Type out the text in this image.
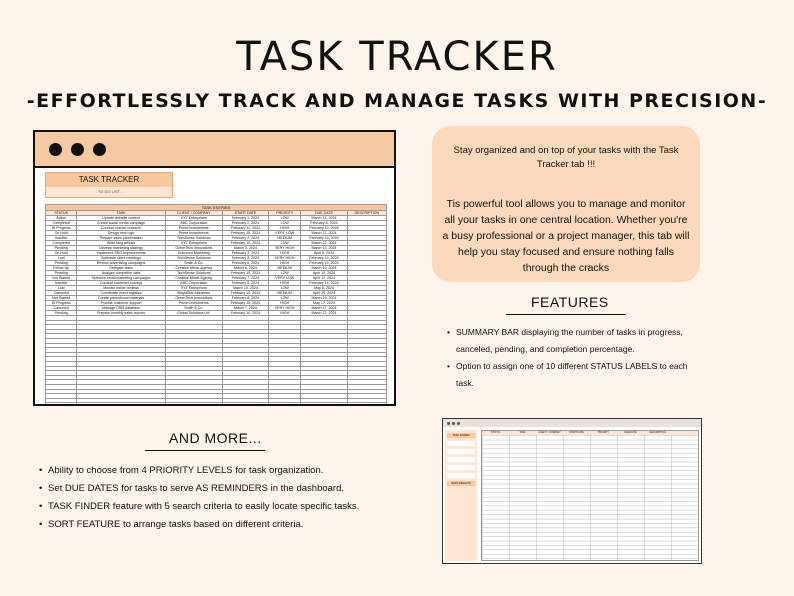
TASK TRACKER
-EFFORTLESSLY TRACK AND MANAGE TASKS WITH PRECISION-
TASK TRACKER
- TO DO LIST -
TASK ENTRIES						
STATUS	TASK	CLIENT / COMPANY	START DATE	PRIORITY	DUE DATE	DESCRIPTION
Active	Update website content	XYZ Enterprises	February 1, 2024	LOW	March 13, 2024	
Completed	Create social media campaign	ABC Corporation	February 2, 2024	LOW	February 8, 2024	
IN Progress	Conduct market research	Prime Investments	February 11, 2024	HIGH	February 13, 2024	
On Hold	Design new logo	Prime Investments	February 15, 2024	VERY LOW	March 12, 2024	
Inactive	Prepare sales presentation	TechSense Solutions	February 2, 2024	MEDIUM	February 16, 2024	
Completed	Write blog articles	XYZ Enterprises	February 10, 2024	LOW	March 22, 2024	
Pending	Develop marketing strategy	GreenTech Innovations	March 3, 2024	VERY HIGH	March 13, 2024	
On Hold	Implement SEO improvements	Unknown Marketing	February 3, 2024	HIGH	April 8, 2024	
Lost	Schedule client meetings	TechSense Solutions	February 3, 2024	VERY HIGH	February 14, 2024	
Pending	Review advertising campaigns	Smith & Co.	February 6, 2024	HIGH	February 14, 2024	
Follow-Up	Delegate tasks	Creative Minds Agency	March 8, 2024	MEDIUM	March 19, 2024	
Pending	Analyze competitor data	TechSense Solutions	February 10, 2024	LOW	April 10, 2024	
Not Started	Optimize email marketing campaigns	Creative Minds Agency	February 7, 2024	VERY LOW	April 17, 2024	
Inactive	Conduct customer surveys	ABC Corporation	February 8, 2024	HIGH	February 14, 2024	
Lost	Monitor online reviews	XYZ Enterprises	March 15, 2024	LOW	May 6, 2024	
Canceled	Coordinate event logistics	BrightStar Industries	February 10, 2024	MEDIUM	April 19, 2024	
Not Started	Create promotional materials	GreenTech Innovations	February 8, 2024	LOW	March 15, 2024	
IN Progress	Provide customer support	Prime Investments	February 10, 2024	HIGH	May 17, 2024	
Canceled	Manage CRM database	Smith & Co.	March 7, 2024	VERY HIGH	March 17, 2024	
Pending	Prepare monthly sales reports	Global Solutions Ltd.	February 14, 2024	HIGH	March 12, 2024	

Stay organized and on top of your tasks with the Task Tracker tab !!!

Tis powerful tool allows you to manage and monitor all your tasks in one central location. Whether you're a busy professional or a project manager, this tab will help you stay focused and ensure nothing falls through the cracks

FEATURES
• SUMMARY BAR displaying the number of tasks in progress, canceled, pending, and completion percentage.
• Option to assign one of 10 different STATUS LABELS to each task.
AND MORE...
• Ability to choose from 4 PRIORITY LEVELS for task organization.
• Set DUE DATES for tasks to serve AS REMINDERS in the dashboard.
• TASK FINDER feature with 5 search criteria to easily locate specific tasks.
• SORT FEATURE to arrange tasks based on different criteria.
TASK FINDER

SORT RESULTS
STATUS	TASK	CLIENT / COMPANY	START DATE	PRIORITY	DUE DATE	DESCRIPTION
